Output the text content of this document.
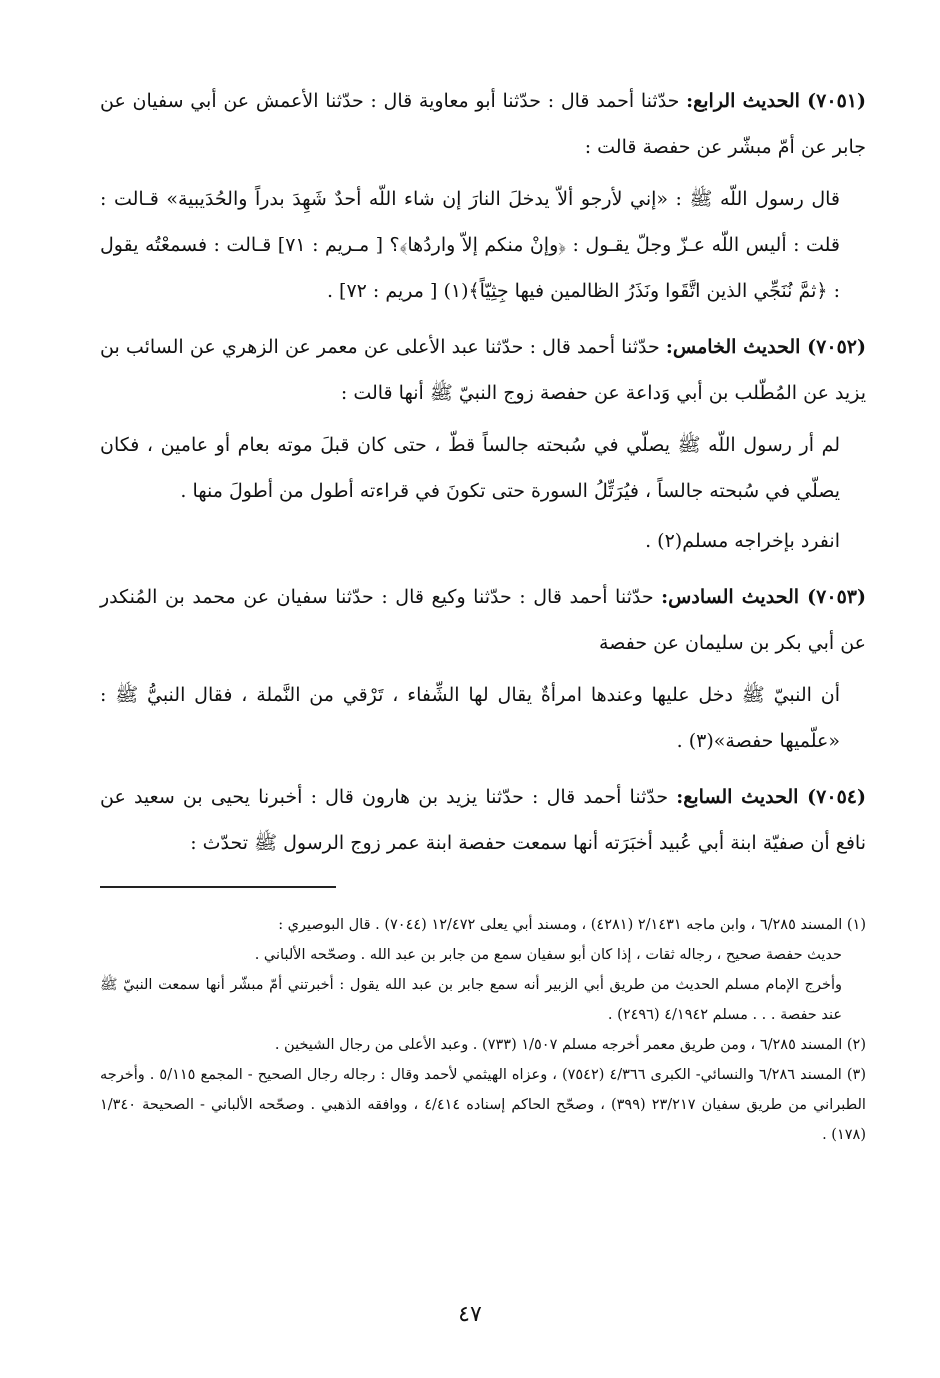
(٧٠٥١) الحديث الرابع: حدّثنا أحمد قال : حدّثنا أبو معاوية قال : حدّثنا الأعمش عن أبي سفيان عن جابر عن أمّ مبشّر عن حفصة قالت :

قال رسول اللّه ﷺ : «إني لأرجو ألاّ يدخلَ النارَ إن شاء اللّه أحدٌ شَهِدَ بدراً والحُدَيبية» قـالت : قلت : أليس اللّه عـزّ وجلّ يقـول : ﴿وإنْ منكم إلاّ واردُها﴾؟ [ مـريم : ٧١] قـالت : فسمعْتُه يقول : ﴿ثمَّ نُنَجِّي الذين اتَّقَوا ونَذَرُ الظالمين فيها جِثِيّاً﴾(١) [ مريم : ٧٢] .

(٧٠٥٢) الحديث الخامس: حدّثنا أحمد قال : حدّثنا عبد الأعلى عن معمر عن الزهري عن السائب بن يزيد عن المُطّلب بن أبي وَداعة عن حفصة زوج النبيّ ﷺ أنها قالت :

لم أر رسول اللّه ﷺ يصلّي في سُبحته جالساً قطّ ، حتى كان قبلَ موته بعام أو عامين ، فكان يصلّي في سُبحته جالساً ، فيُرَتِّلُ السورة حتى تكونَ في قراءته أطول من أطولَ منها .

انفرد بإخراجه مسلم(٢) .

(٧٠٥٣) الحديث السادس: حدّثنا أحمد قال : حدّثنا وكيع قال : حدّثنا سفيان عن محمد بن المُنكدر عن أبي بكر بن سليمان عن حفصة

أن النبيّ ﷺ دخل عليها وعندها امرأةٌ يقال لها الشِّفاء ، تَرْقي من النَّملة ، فقال النبيُّ ﷺ : «علّميها حفصة»(٣) .

(٧٠٥٤) الحديث السابع: حدّثنا أحمد قال : حدّثنا يزيد بن هارون قال : أخبرنا يحيى بن سعيد عن نافع أن صفيّة ابنة أبي عُبيد أخبَرَته أنها سمعت حفصة ابنة عمر زوج الرسول ﷺ تحدّث :

(١) المسند ٦/٢٨٥ ، وابن ماجه ٢/١٤٣١ (٤٢٨١) ، ومسند أبي يعلى ١٢/٤٧٢ (٧٠٤٤) . قال البوصيري :
حديث حفصة صحيح ، رجاله ثقات ، إذا كان أبو سفيان سمع من جابر بن عبد الله . وصحّحه الألباني .
وأخرج الإمام مسلم الحديث من طريق أبي الزبير أنه سمع جابر بن عبد الله يقول : أخبرتني أمّ مبشّر أنها سمعت النبيّ ﷺ عند حفصة . . . مسلم ٤/١٩٤٢ (٢٤٩٦) .

(٢) المسند ٦/٢٨٥ ، ومن طريق معمر أخرجه مسلم ١/٥٠٧ (٧٣٣) . وعبد الأعلى من رجال الشيخين .

(٣) المسند ٦/٢٨٦ والنسائي- الكبرى ٤/٣٦٦ (٧٥٤٢) ، وعزاه الهيثمي لأحمد وقال : رجاله رجال الصحيح - المجمع ٥/١١٥ . وأخرجه الطبراني من طريق سفيان ٢٣/٢١٧ (٣٩٩) ، وصحّح الحاكم إسناده ٤/٤١٤ ، ووافقه الذهبي . وصحّحه الألباني - الصحيحة ١/٣٤٠ (١٧٨) .

٤٧
